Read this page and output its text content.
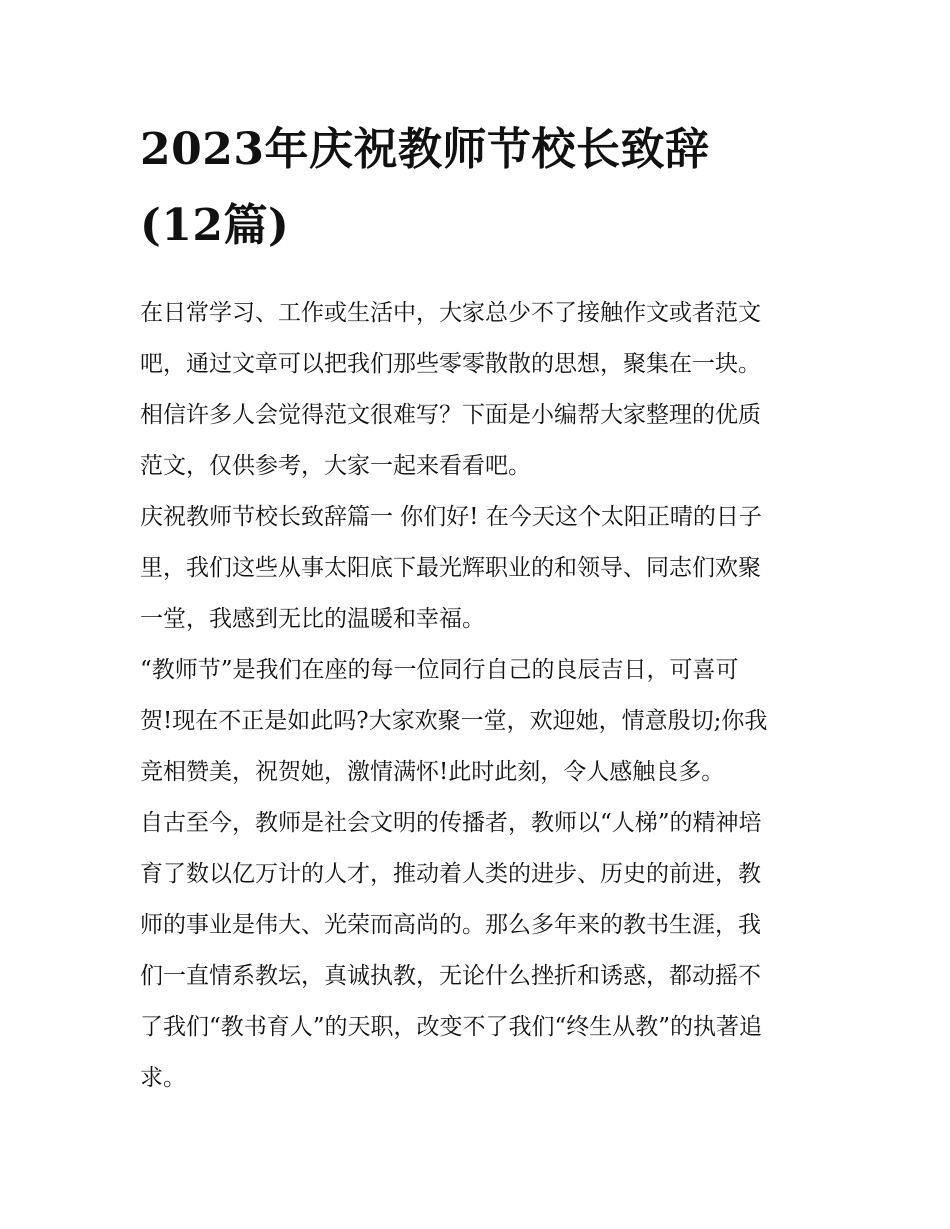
2023年庆祝教师节校长致辞
(12篇)

在日常学习、工作或生活中，大家总少不了接触作文或者范文
吧，通过文章可以把我们那些零零散散的思想，聚集在一块。
相信许多人会觉得范文很难写？下面是小编帮大家整理的优质
范文，仅供参考，大家一起来看看吧。

庆祝教师节校长致辞篇一 你们好! 在今天这个太阳正晴的日子
里，我们这些从事太阳底下最光辉职业的和领导、同志们欢聚
一堂，我感到无比的温暖和幸福。

“教师节”是我们在座的每一位同行自己的良辰吉日，可喜可
贺!现在不正是如此吗?大家欢聚一堂，欢迎她，情意殷切;你我
竞相赞美，祝贺她，激情满怀!此时此刻，令人感触良多。

自古至今，教师是社会文明的传播者，教师以“人梯”的精神培
育了数以亿万计的人才，推动着人类的进步、历史的前进，教
师的事业是伟大、光荣而高尚的。那么多年来的教书生涯，我
们一直情系教坛，真诚执教，无论什么挫折和诱惑，都动摇不
了我们“教书育人”的天职，改变不了我们“终生从教”的执著追
求。
